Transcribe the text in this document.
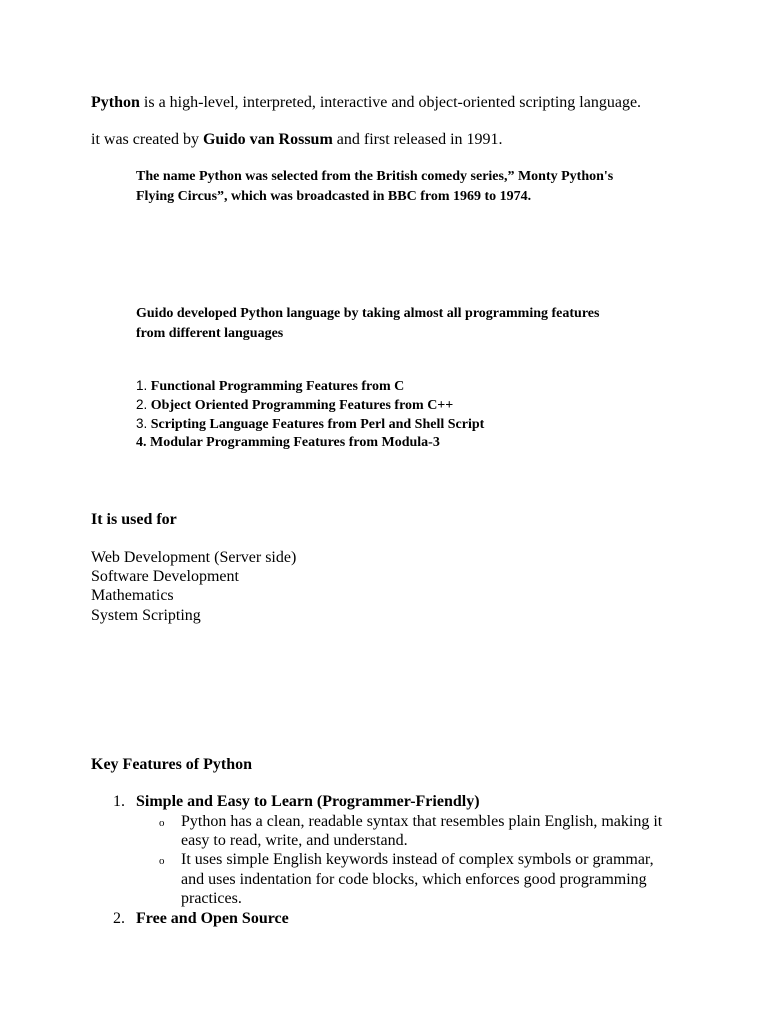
Python is a high-level, interpreted, interactive and object-oriented scripting language.
it was created by Guido van Rossum and first released in 1991.
The name Python was selected from the British comedy series,” Monty Python's
Flying Circus”, which was broadcasted in BBC from 1969 to 1974.
Guido developed Python language by taking almost all programming features
from different languages
1. Functional Programming Features from C
2. Object Oriented Programming Features from C++
3. Scripting Language Features from Perl and Shell Script
4. Modular Programming Features from Modula-3
It is used for
Web Development (Server side)
Software Development
Mathematics
System Scripting
Key Features of Python
1. Simple and Easy to Learn (Programmer-Friendly)
o Python has a clean, readable syntax that resembles plain English, making it
easy to read, write, and understand.
o It uses simple English keywords instead of complex symbols or grammar,
and uses indentation for code blocks, which enforces good programming
practices.
2. Free and Open Source
